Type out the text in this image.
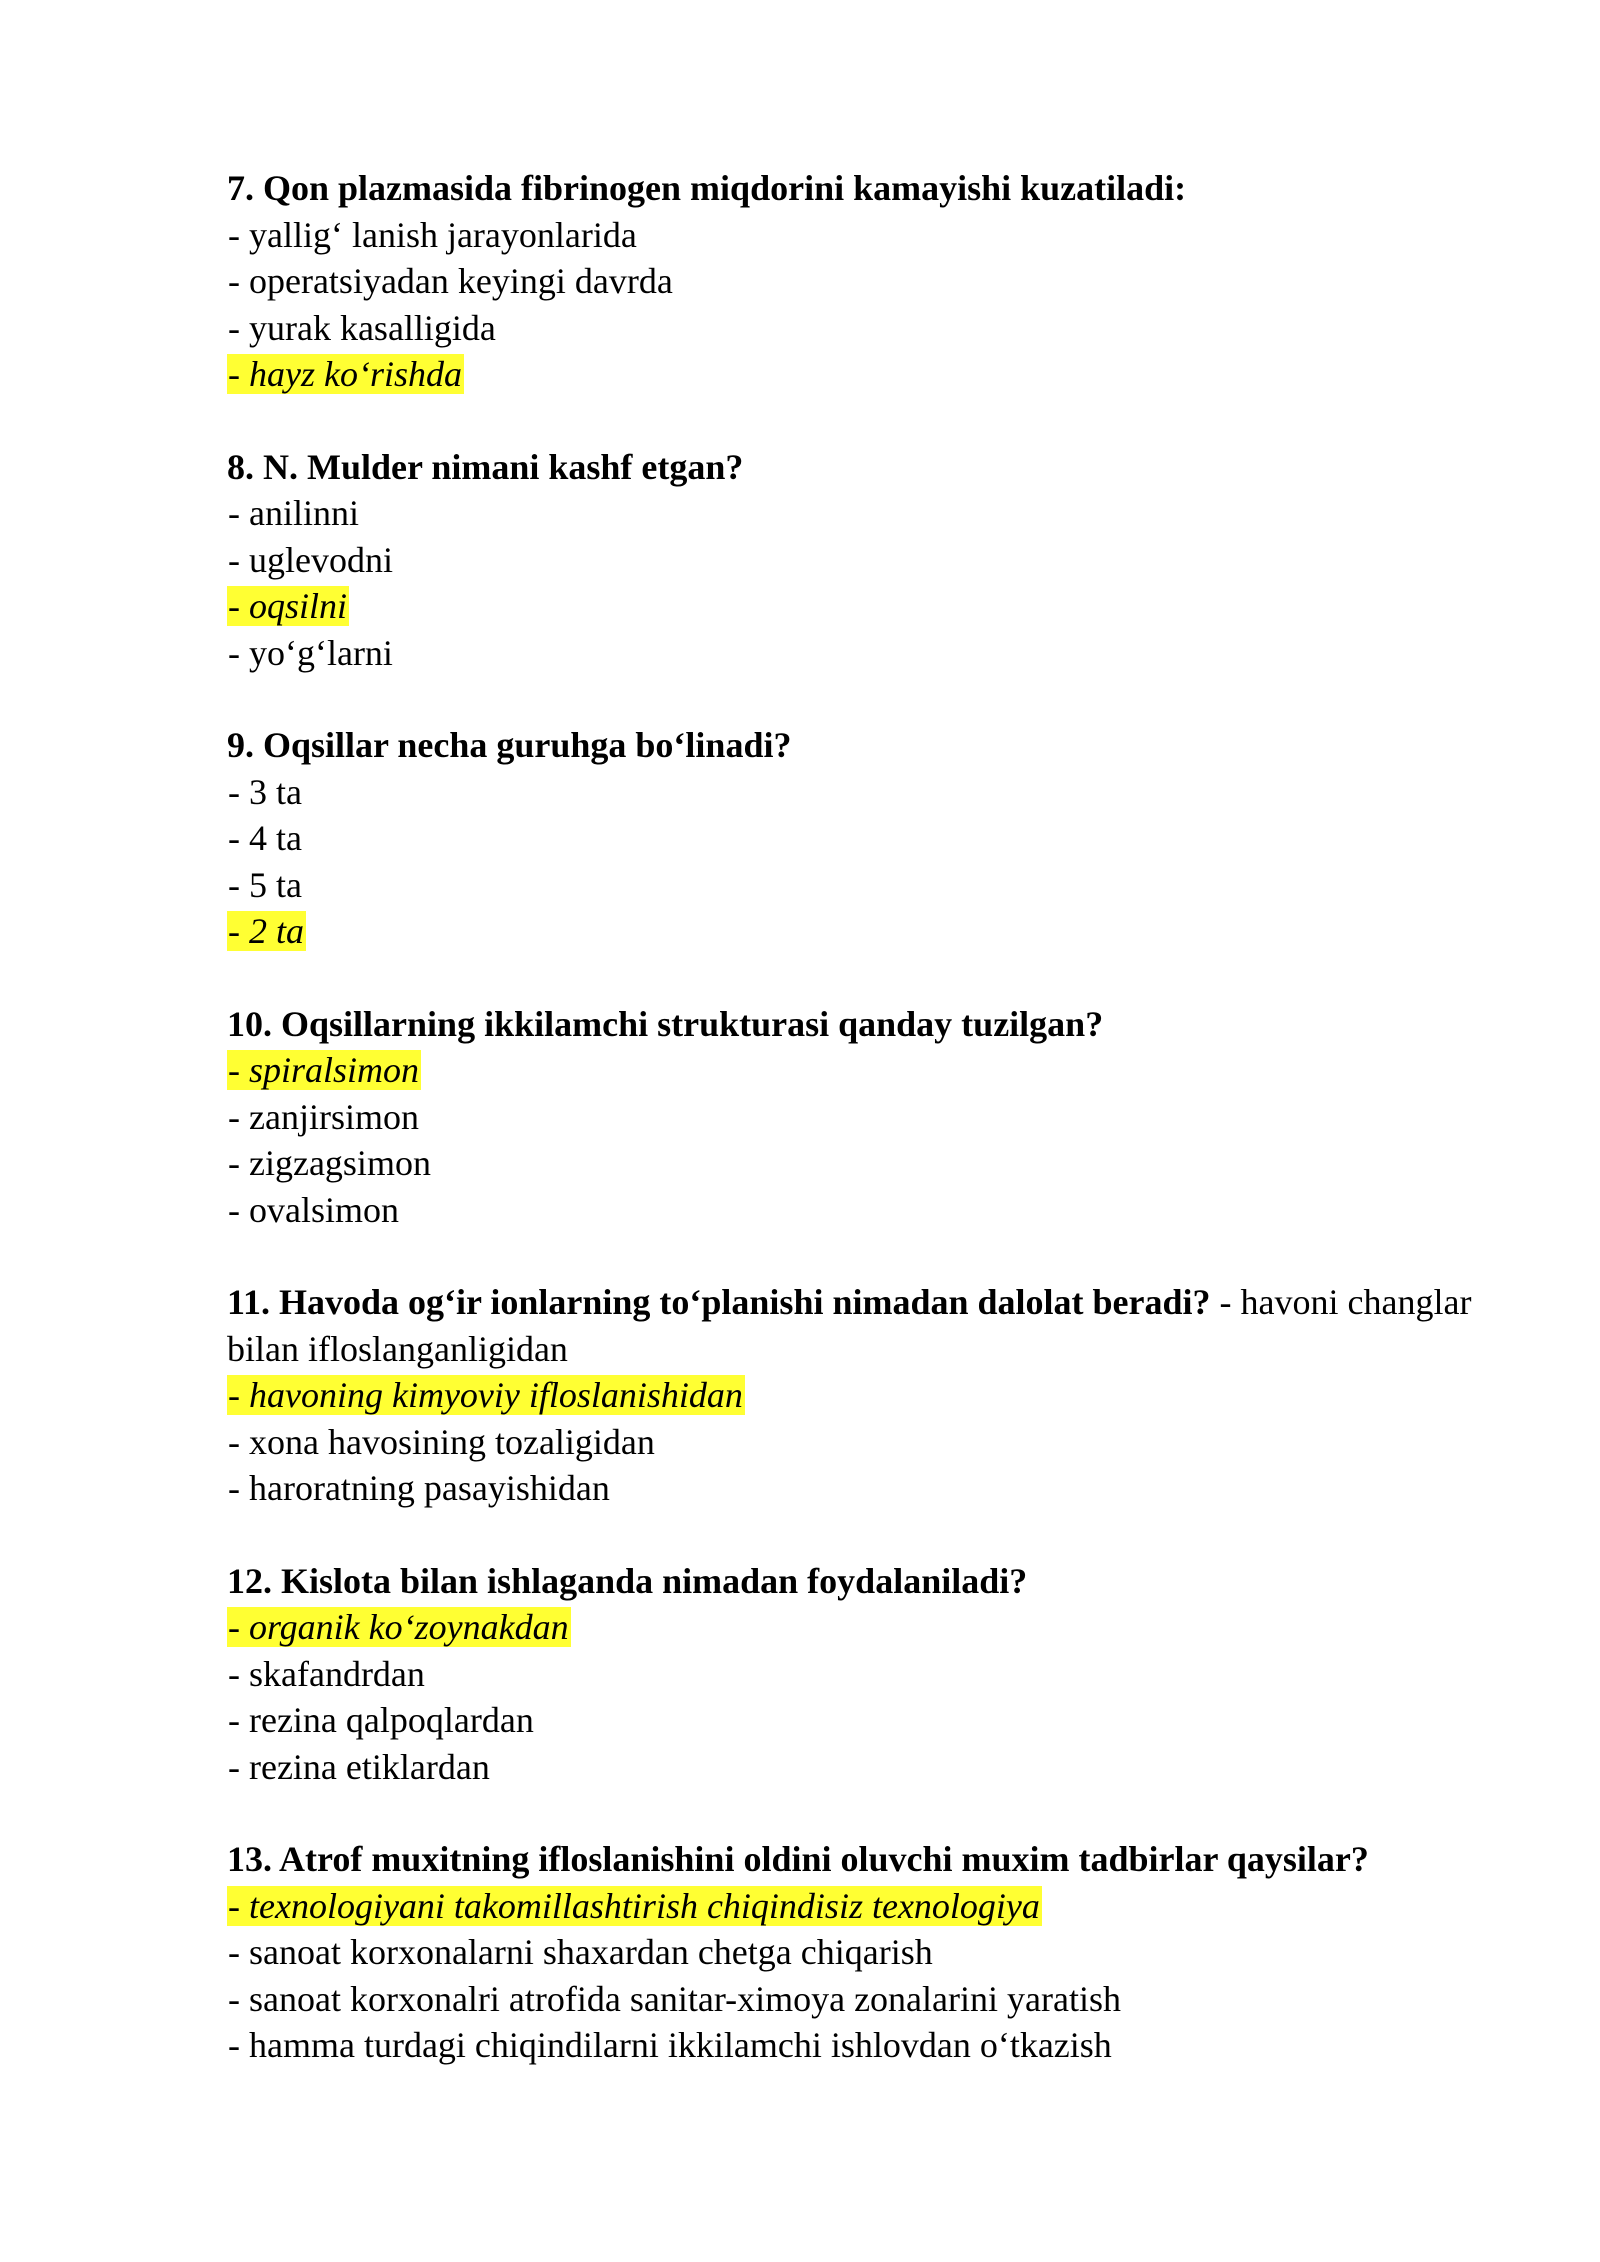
7. Qon plazmasida fibrinogen miqdorini kamayishi kuzatiladi:
- yallig‘ lanish jarayonlarida
- operatsiyadan keyingi davrda
- yurak kasalligida
- hayz ko‘rishda
8. N. Mulder nimani kashf etgan?
- anilinni
- uglevodni
- oqsilni
- yo‘g‘larni
9. Oqsillar necha guruhga bo‘linadi?
- 3 ta
- 4 ta
- 5 ta
- 2 ta
10. Oqsillarning ikkilamchi strukturasi qanday tuzilgan?
- spiralsimon
- zanjirsimon
- zigzagsimon
- ovalsimon
11. Havoda og‘ir ionlarning to‘planishi nimadan dalolat beradi? - havoni changlar bilan ifloslanganligidan
- havoning kimyoviy ifloslanishidan
- xona havosining tozaligidan
- haroratning pasayishidan
12. Kislota bilan ishlaganda nimadan foydalaniladi?
- organik ko‘zoynakdan
- skafandrdan
- rezina qalpoqlardan
- rezina etiklardan
13. Atrof muxitning ifloslanishini oldini oluvchi muxim tadbirlar qaysilar?
- texnologiyani takomillashtirish chiqindisiz texnologiya
- sanoat korxonalarni shaxardan chetga chiqarish
- sanoat korxonalri atrofida sanitar-ximoya zonalarini yaratish
- hamma turdagi chiqindilarni ikkilamchi ishlovdan o‘tkazish
